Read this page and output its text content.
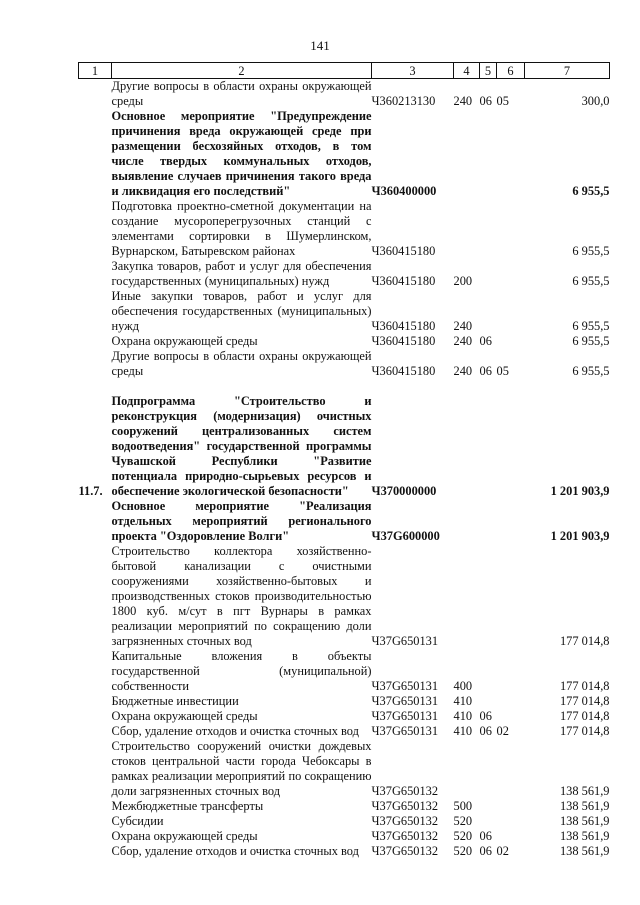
141
1	2	3	4	5	6	7
	Другие вопросы в области охраны окружающей среды	Ч360213130	240	06	05	300,0
	Основное мероприятие "Предупреждение причинения вреда окружающей среде при размещении бесхозяйных отходов, в том числе твердых коммунальных отходов, выявление случаев причинения такого вреда и ликвидация его последствий"	Ч360400000				6 955,5
	Подготовка проектно-сметной документации на создание мусороперегрузочных станций с элементами сортировки в Шумерлинском, Вурнарском, Батыревском районах	Ч360415180				6 955,5
	Закупка товаров, работ и услуг для обеспечения государственных (муниципальных) нужд	Ч360415180	200			6 955,5
	Иные закупки товаров, работ и услуг для обеспечения государственных (муниципальных) нужд	Ч360415180	240			6 955,5
	Охрана окружающей среды	Ч360415180	240	06		6 955,5
	Другие вопросы в области охраны окружающей среды	Ч360415180	240	06	05	6 955,5

11.7.	Подпрограмма "Строительство и реконструкция (модернизация) очистных сооружений централизованных систем водоотведения" государственной программы Чувашской Республики "Развитие потенциала природно-сырьевых ресурсов и обеспечение экологической безопасности"	Ч370000000				1 201 903,9
	Основное мероприятие "Реализация отдельных мероприятий регионального проекта "Оздоровление Волги"	Ч37G600000				1 201 903,9
	Строительство коллектора хозяйственно-бытовой канализации с очистными сооружениями хозяйственно-бытовых и производственных стоков производительностью 1800 куб. м/сут в пгт Вурнары в рамках реализации мероприятий по сокращению доли загрязненных сточных вод	Ч37G650131				177 014,8
	Капитальные вложения в объекты государственной (муниципальной) собственности	Ч37G650131	400			177 014,8
	Бюджетные инвестиции	Ч37G650131	410			177 014,8
	Охрана окружающей среды	Ч37G650131	410	06		177 014,8
	Сбор, удаление отходов и очистка сточных вод	Ч37G650131	410	06	02	177 014,8
	Строительство сооружений очистки дождевых стоков центральной части города Чебоксары в рамках реализации мероприятий по сокращению доли загрязненных сточных вод	Ч37G650132				138 561,9
	Межбюджетные трансферты	Ч37G650132	500			138 561,9
	Субсидии	Ч37G650132	520			138 561,9
	Охрана окружающей среды	Ч37G650132	520	06		138 561,9
	Сбор, удаление отходов и очистка сточных вод	Ч37G650132	520	06	02	138 561,9
